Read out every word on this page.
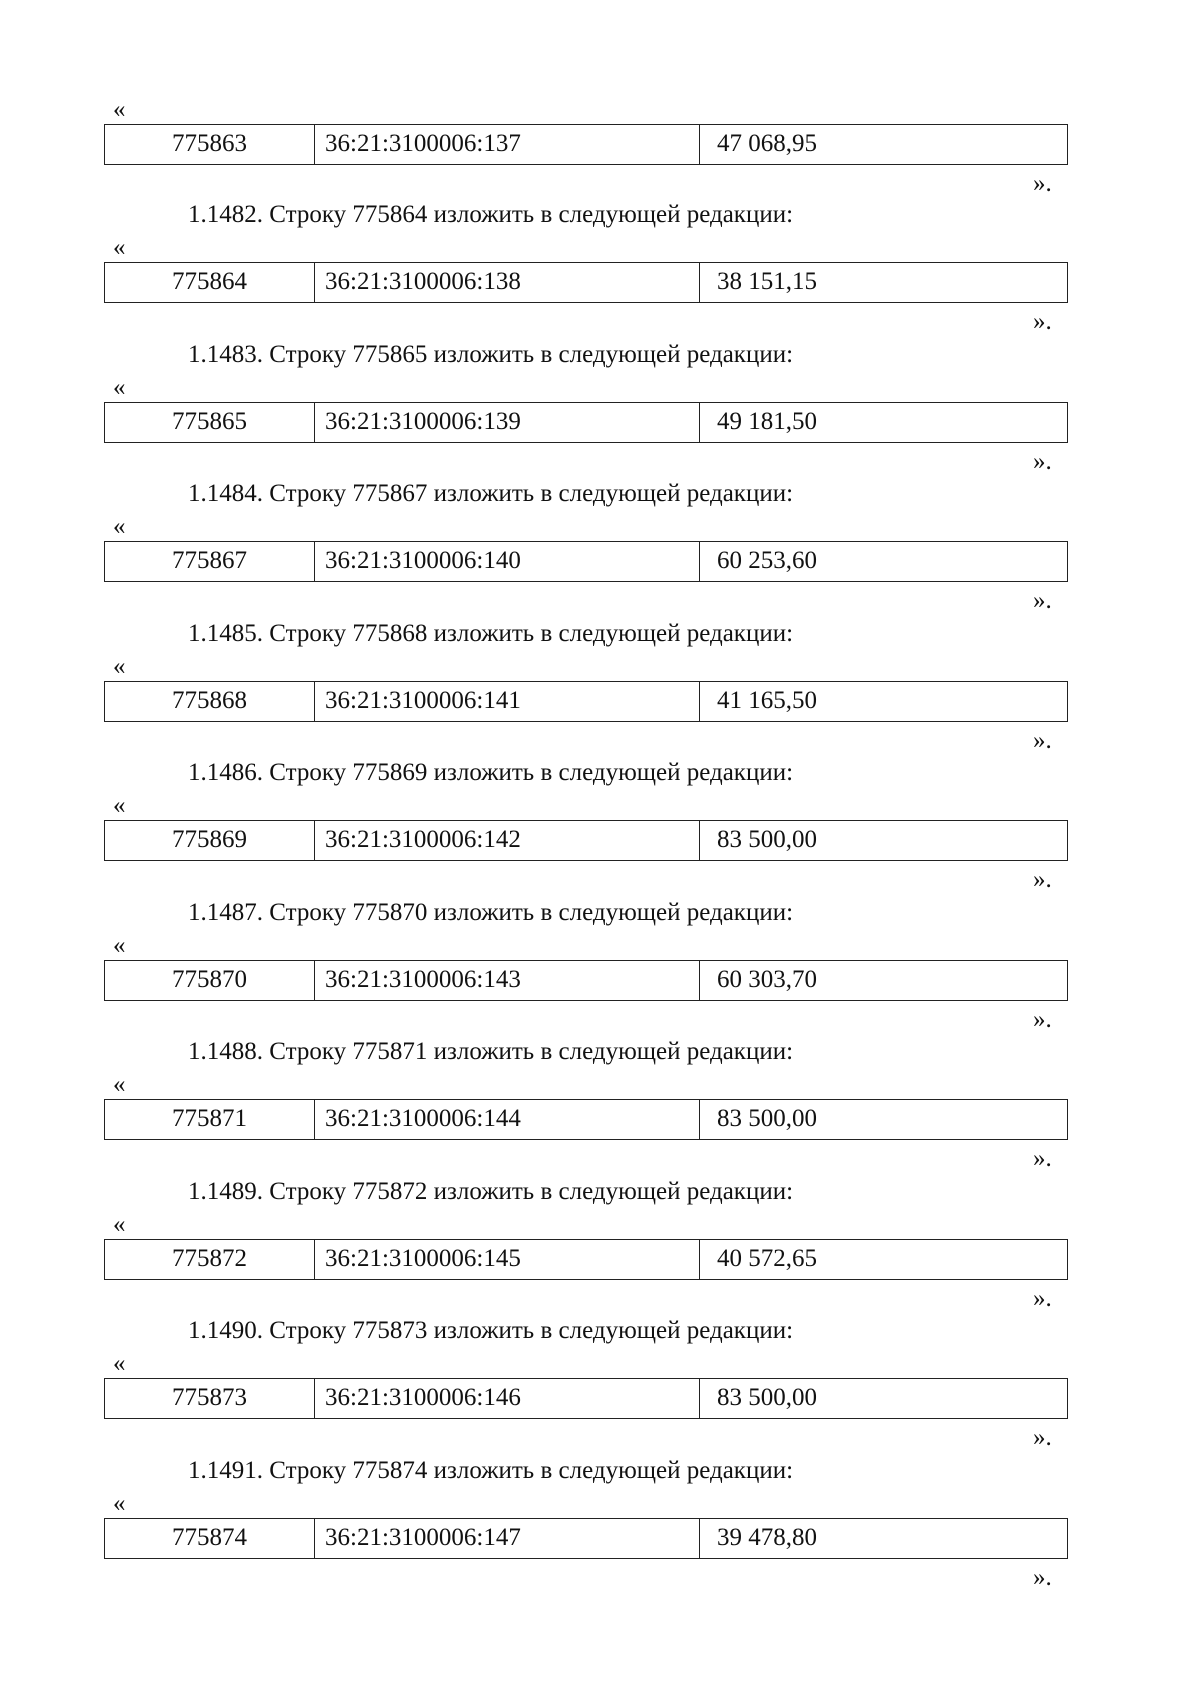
«
775863	36:21:3100006:137	47 068,95
».
1.1482. Строку 775864 изложить в следующей редакции:
«
775864	36:21:3100006:138	38 151,15
».
1.1483. Строку 775865 изложить в следующей редакции:
«
775865	36:21:3100006:139	49 181,50
».
1.1484. Строку 775867 изложить в следующей редакции:
«
775867	36:21:3100006:140	60 253,60
».
1.1485. Строку 775868 изложить в следующей редакции:
«
775868	36:21:3100006:141	41 165,50
».
1.1486. Строку 775869 изложить в следующей редакции:
«
775869	36:21:3100006:142	83 500,00
».
1.1487. Строку 775870 изложить в следующей редакции:
«
775870	36:21:3100006:143	60 303,70
».
1.1488. Строку 775871 изложить в следующей редакции:
«
775871	36:21:3100006:144	83 500,00
».
1.1489. Строку 775872 изложить в следующей редакции:
«
775872	36:21:3100006:145	40 572,65
».
1.1490. Строку 775873 изложить в следующей редакции:
«
775873	36:21:3100006:146	83 500,00
».
1.1491. Строку 775874 изложить в следующей редакции:
«
775874	36:21:3100006:147	39 478,80
».
